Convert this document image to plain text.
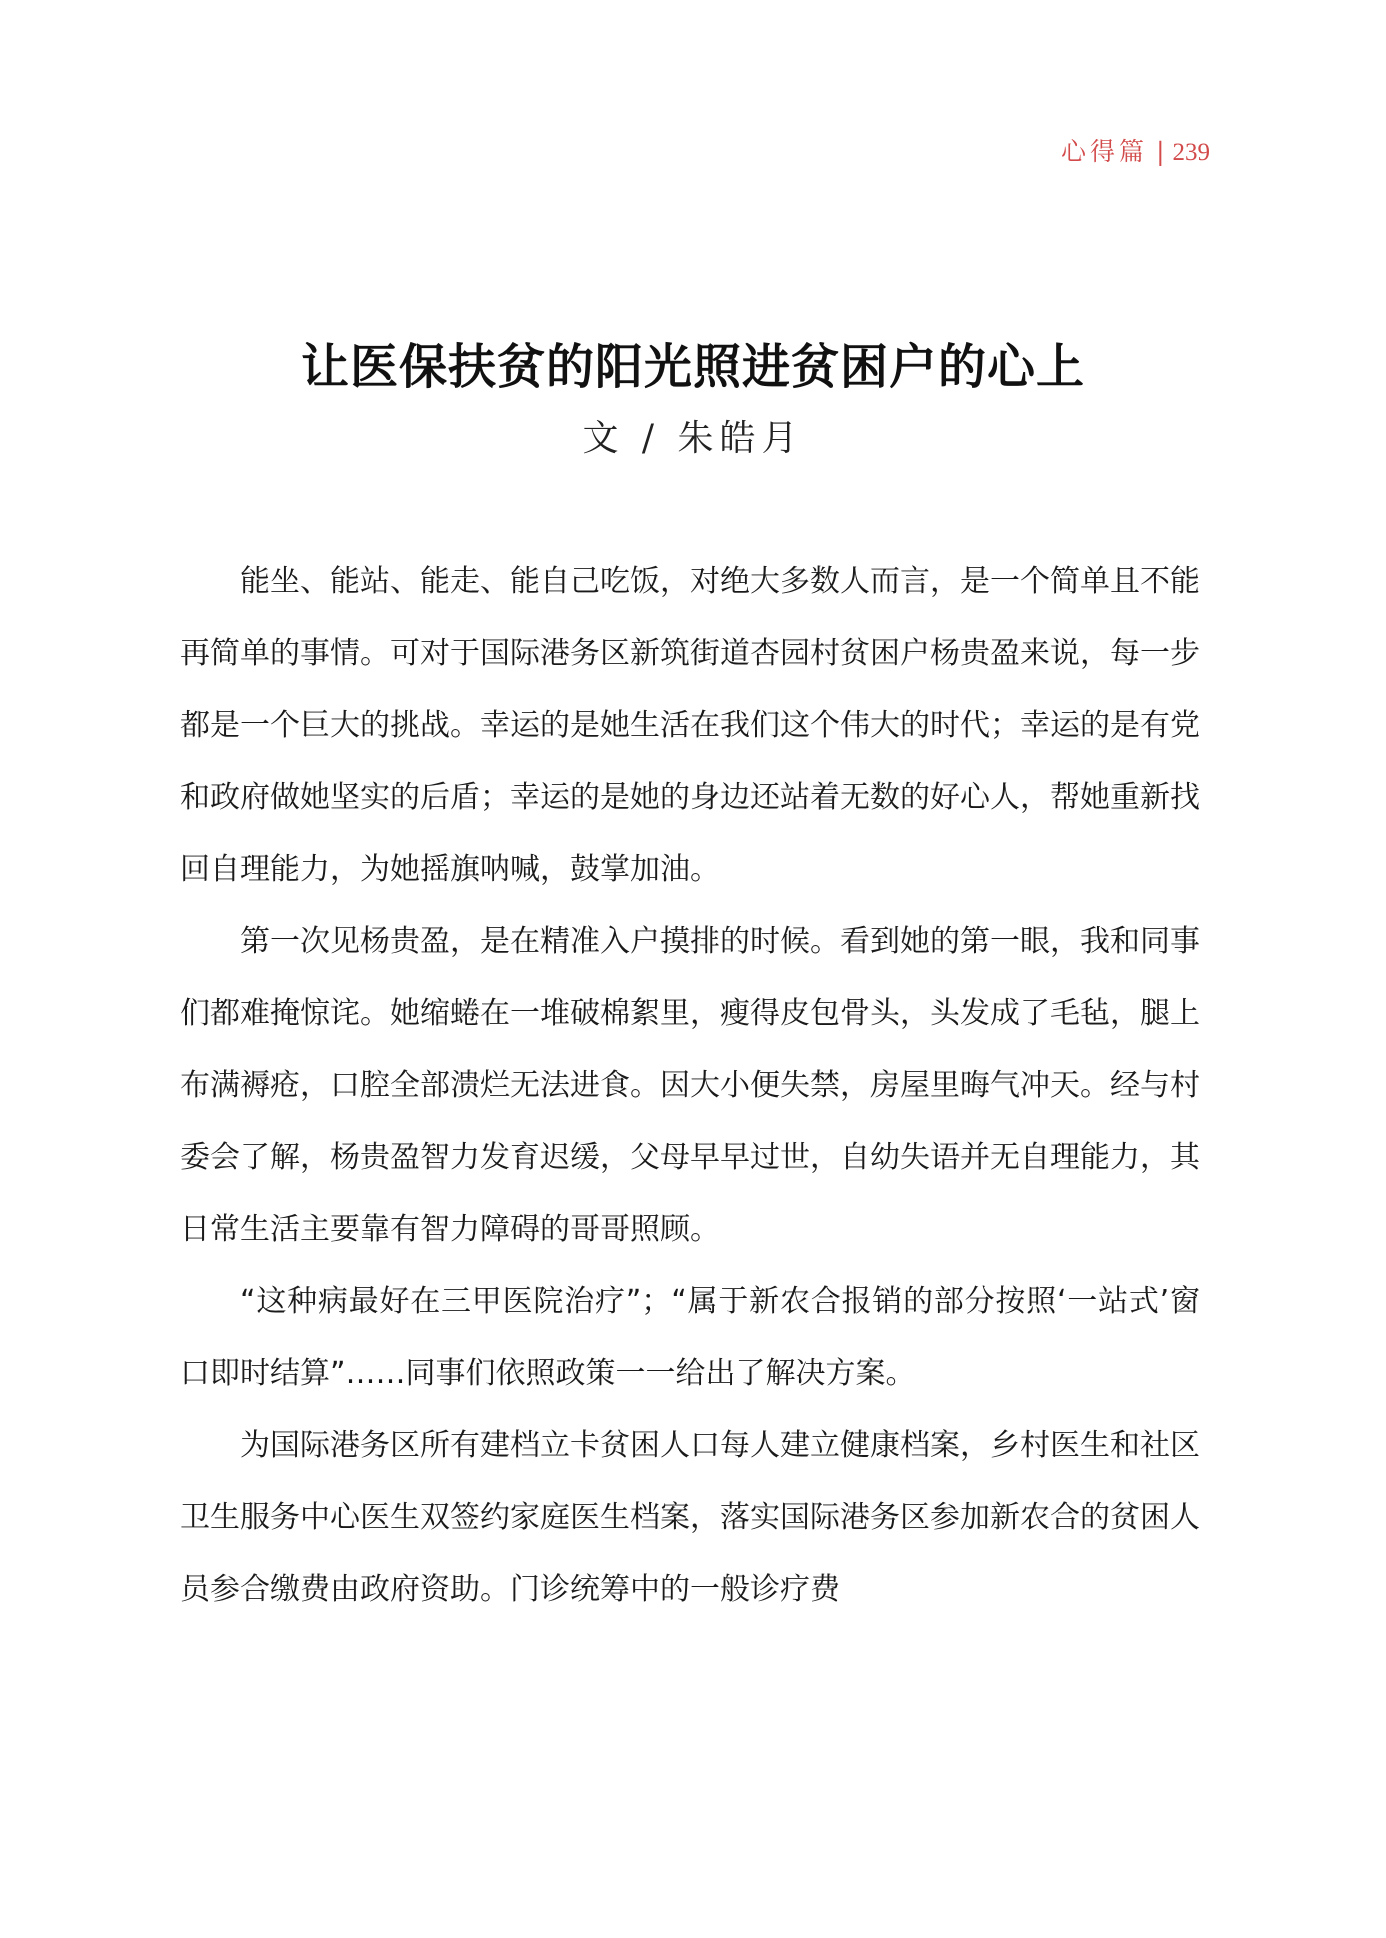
心得篇 | 239
让医保扶贫的阳光照进贫困户的心上

文 / 朱皓月

能坐、能站、能走、能自己吃饭，对绝大多数人而言，是一个简单且不能再简单的事情。可对于国际港务区新筑街道杏园村贫困户杨贵盈来说，每一步都是一个巨大的挑战。幸运的是她生活在我们这个伟大的时代；幸运的是有党和政府做她坚实的后盾；幸运的是她的身边还站着无数的好心人，帮她重新找回自理能力，为她摇旗呐喊，鼓掌加油。

第一次见杨贵盈，是在精准入户摸排的时候。看到她的第一眼，我和同事们都难掩惊诧。她缩蜷在一堆破棉絮里，瘦得皮包骨头，头发成了毛毡，腿上布满褥疮，口腔全部溃烂无法进食。因大小便失禁，房屋里晦气冲天。经与村委会了解，杨贵盈智力发育迟缓，父母早早过世，自幼失语并无自理能力，其日常生活主要靠有智力障碍的哥哥照顾。

“这种病最好在三甲医院治疗”；“属于新农合报销的部分按照‘一站式’窗口即时结算”……同事们依照政策一一给出了解决方案。

为国际港务区所有建档立卡贫困人口每人建立健康档案，乡村医生和社区卫生服务中心医生双签约家庭医生档案，落实国际港务区参加新农合的贫困人员参合缴费由政府资助。门诊统筹中的一般诊疗费
